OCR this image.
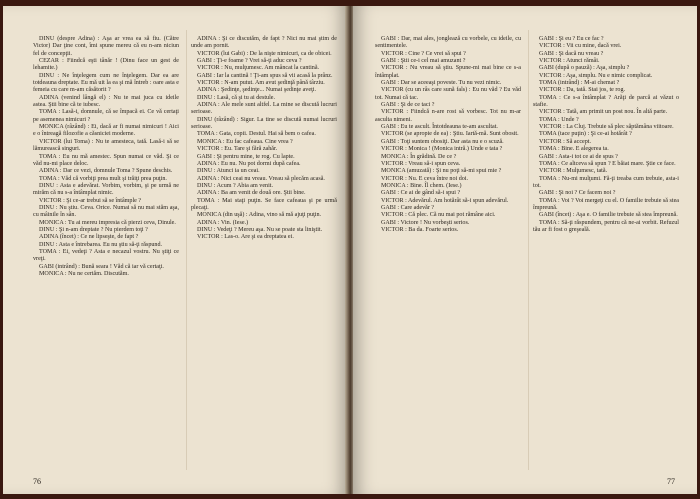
DINU (despre Adina) : Aşa ar vrea ea să fiu. (Către Victor) Dar ţine cont, îmi spune mereu că eu n-am niciun fel de concepţii.

CEZAR : Fiindcă eşti tânăr ! (Dinu face un gest de lehamite.)

DINU : Ne înţelegem cum ne înţelegem. Dar ea are totdeauna dreptate. Eu mă uit la ea şi mă întreb : oare asta e femeia cu care m-am căsătorit ?

ADINA (venind lângă el) : Nu te mai juca cu ideile astea. Ştii bine că te iubesc.

TOMA : Lasă-i, domnule, că se împacă ei. Ce vă certaţi pe asemenea nimicuri ?

MONICA (râzând) : Ei, dacă ar fi numai nimicuri ! Aici e o întreagă filozofie a căsniciei moderne.

VICTOR (lui Toma) : Nu te amesteca, tată. Lasă-i să se lămurească singuri.

TOMA : Eu nu mă amestec. Spun numai ce văd. Şi ce văd nu-mi place deloc.

ADINA : Dar ce vezi, domnule Toma ? Spune deschis.

TOMA : Văd că vorbiţi prea mult şi trăiţi prea puţin.

DINU : Asta e adevărat. Vorbim, vorbim, şi pe urmă ne mirăm că nu s-a întâmplat nimic.

VICTOR : Şi ce-ar trebui să se întâmple ?

DINU : Nu ştiu. Ceva. Orice. Numai să nu mai stăm aşa, cu mâinile în sân.

MONICA : Tu ai mereu impresia că pierzi ceva, Dinule.

DINU : Şi n-am dreptate ? Nu pierdem toţi ?

ADINA (încet) : Ce ne lipseşte, de fapt ?

DINU : Asta e întrebarea. Eu nu ştiu să-ţi răspund.

TOMA : Ei, vedeţi ? Asta e necazul vostru. Nu ştiţi ce vreţi.

GABI (intrând) : Bună seara ! Văd că iar vă certaţi.

MONICA : Nu ne certăm. Discutăm.

ADINA : Şi ce discutăm, de fapt ? Nici nu mai ştim de unde am pornit.

VICTOR (lui Gabi) : De la nişte nimicuri, ca de obicei.

GABI : Ţi-e foame ? Vrei să-ţi aduc ceva ?

VICTOR : Nu, mulţumesc. Am mâncat la cantină.

GABI : Iar la cantină ! Ţi-am spus să vii acasă la prânz.

VICTOR : N-am putut. Am avut şedinţă până târziu.

ADINA : Şedinţe, şedinţe... Numai şedinţe aveţi.

DINU : Lasă, că şi tu ai destule.

ADINA : Ale mele sunt altfel. La mine se discută lucruri serioase.

DINU (râzând) : Sigur. La tine se discută numai lucruri serioase.

TOMA : Gata, copii. Destul. Hai să bem o cafea.

MONICA : Eu fac cafeaua. Cine vrea ?

VICTOR : Eu. Tare şi fără zahăr.

GABI : Şi pentru mine, te rog. Cu lapte.

ADINA : Eu nu. Nu pot dormi după cafea.

DINU : Atunci ia un ceai.

ADINA : Nici ceai nu vreau. Vreau să plecăm acasă.

DINU : Acum ? Abia am venit.

ADINA : Ba am venit de două ore. Ştii bine.

TOMA : Mai staţi puţin. Se face cafeaua şi pe urmă plecaţi.

MONICA (din uşă) : Adina, vino să mă ajuţi puţin.

ADINA : Vin. (Iese.)

DINU : Vedeţi ? Mereu aşa. Nu se poate sta liniştit.

VICTOR : Las-o. Are şi ea dreptatea ei.

76

GABI : Dar, mai ales, jonglează cu vorbele, cu ideile, cu sentimentele.

VICTOR : Cine ? Ce vrei să spui ?

GABI : Ştii ce-i cel mai amuzant ?

VICTOR : Nu vreau să ştiu. Spune-mi mai bine ce s-a întâmplat.

GABI : Dar se aceeaşi poveste. Tu nu vezi nimic.

VICTOR (cu un râs care sună fals) : Eu nu văd ? Eu văd tot. Numai că tac.

GABI : Şi de ce taci ?

VICTOR : Fiindcă n-are rost să vorbesc. Tot nu m-ar asculta nimeni.

GABI : Eu te ascult. Întotdeauna te-am ascultat.

VICTOR (se apropie de ea) : Ştiu. Iartă-mă. Sunt obosit.

GABI : Toţi suntem obosiţi. Dar asta nu e o scuză.

VICTOR : Monica ! (Monica intră.) Unde e tata ?

MONICA : În grădină. De ce ?

VICTOR : Vreau să-i spun ceva.

MONICA (amuzată) : Şi nu poţi să-mi spui mie ?

VICTOR : Nu. E ceva între noi doi.

MONICA : Bine. Îl chem. (Iese.)

GABI : Ce ai de gând să-i spui ?

VICTOR : Adevărul. Am hotărât să-i spun adevărul.

GABI : Care adevăr ?

VICTOR : Că plec. Că nu mai pot rămâne aici.

GABI : Victore ! Nu vorbeşti serios.

VICTOR : Ba da. Foarte serios.

GABI : Şi eu ? Eu ce fac ?

VICTOR : Vii cu mine, dacă vrei.

GABI : Şi dacă nu vreau ?

VICTOR : Atunci rămâi.

GABI (după o pauză) : Aşa, simplu ?

VICTOR : Aşa, simplu. Nu e nimic complicat.

TOMA (intrând) : M-ai chemat ?

VICTOR : Da, tată. Stai jos, te rog.

TOMA : Ce s-a întâmplat ? Arăţi de parcă ai văzut o stafie.

VICTOR : Tată, am primit un post nou. În altă parte.

TOMA : Unde ?

VICTOR : La Cluj. Trebuie să plec săptămâna viitoare.

TOMA (tace puţin) : Şi ce-ai hotărât ?

VICTOR : Să accept.

TOMA : Bine. E alegerea ta.

GABI : Asta-i tot ce ai de spus ?

TOMA : Ce altceva să spun ? E băiat mare. Ştie ce face.

VICTOR : Mulţumesc, tată.

TOMA : Nu-mi mulţumi. Fă-ţi treaba cum trebuie, asta-i tot.

GABI : Şi noi ? Ce facem noi ?

TOMA : Voi ? Voi mergeţi cu el. O familie trebuie să stea împreună.

GABI (încet) : Aşa e. O familie trebuie să stea împreună.

TOMA : Să-ţi răspundem, pentru că ne-ai vorbit. Refuzul tău ar fi fost o greşeală.

77
